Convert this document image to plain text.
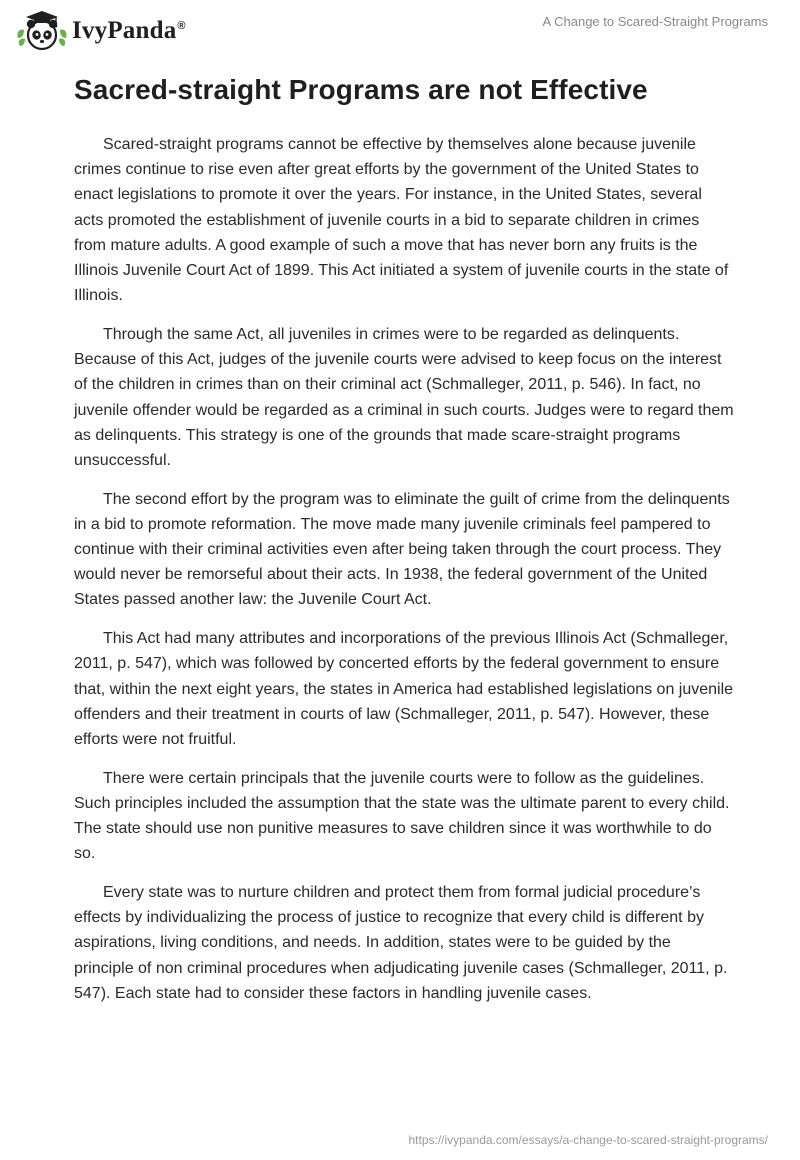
IvyPanda®	A Change to Scared-Straight Programs
Sacred-straight Programs are not Effective

Scared-straight programs cannot be effective by themselves alone because juvenile crimes continue to rise even after great efforts by the government of the United States to enact legislations to promote it over the years. For instance, in the United States, several acts promoted the establishment of juvenile courts in a bid to separate children in crimes from mature adults. A good example of such a move that has never born any fruits is the Illinois Juvenile Court Act of 1899. This Act initiated a system of juvenile courts in the state of Illinois.

Through the same Act, all juveniles in crimes were to be regarded as delinquents. Because of this Act, judges of the juvenile courts were advised to keep focus on the interest of the children in crimes than on their criminal act (Schmalleger, 2011, p. 546). In fact, no juvenile offender would be regarded as a criminal in such courts. Judges were to regard them as delinquents. This strategy is one of the grounds that made scare-straight programs unsuccessful.

The second effort by the program was to eliminate the guilt of crime from the delinquents in a bid to promote reformation. The move made many juvenile criminals feel pampered to continue with their criminal activities even after being taken through the court process. They would never be remorseful about their acts. In 1938, the federal government of the United States passed another law: the Juvenile Court Act.

This Act had many attributes and incorporations of the previous Illinois Act (Schmalleger, 2011, p. 547), which was followed by concerted efforts by the federal government to ensure that, within the next eight years, the states in America had established legislations on juvenile offenders and their treatment in courts of law (Schmalleger, 2011, p. 547). However, these efforts were not fruitful.

There were certain principals that the juvenile courts were to follow as the guidelines. Such principles included the assumption that the state was the ultimate parent to every child. The state should use non punitive measures to save children since it was worthwhile to do so.

Every state was to nurture children and protect them from formal judicial procedure’s effects by individualizing the process of justice to recognize that every child is different by aspirations, living conditions, and needs. In addition, states were to be guided by the principle of non criminal procedures when adjudicating juvenile cases (Schmalleger, 2011, p. 547). Each state had to consider these factors in handling juvenile cases.

https://ivypanda.com/essays/a-change-to-scared-straight-programs/
